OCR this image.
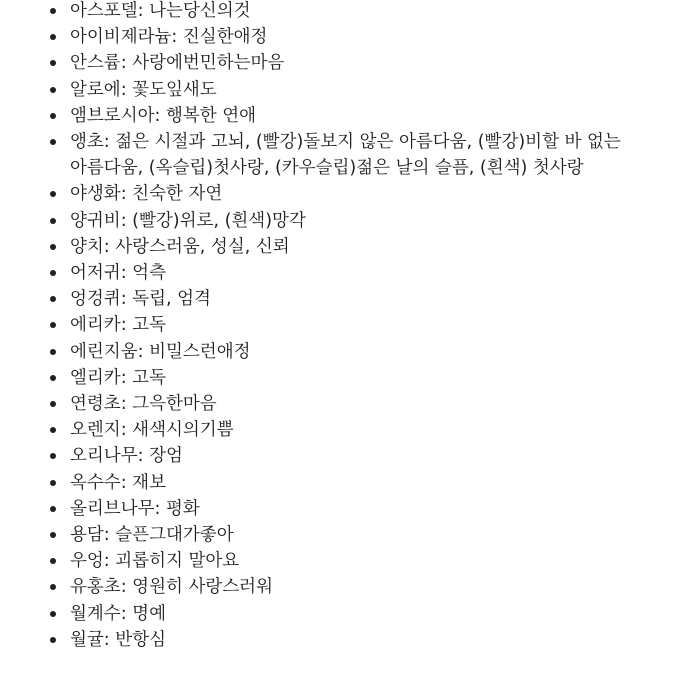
아스포델: 나는당신의것
아이비제라늄: 진실한애정
안스륨: 사랑에번민하는마음
알로에: 꽃도잎새도
앰브로시아: 행복한 연애
앵초: 젊은 시절과 고뇌, (빨강)돌보지 않은 아름다움, (빨강)비할 바 없는 아름다움, (옥슬립)첫사랑, (카우슬립)젊은 날의 슬픔, (흰색) 첫사랑
야생화: 친숙한 자연
양귀비: (빨강)위로, (흰색)망각
양치: 사랑스러움, 성실, 신뢰
어저귀: 억측
엉겅퀴: 독립, 엄격
에리카: 고독
에린지움: 비밀스런애정
엘리카: 고독
연령초: 그윽한마음
오렌지: 새색시의기쁨
오리나무: 장엄
옥수수: 재보
올리브나무: 평화
용담: 슬픈그대가좋아
우엉: 괴롭히지 말아요
유홍초: 영원히 사랑스러워
월계수: 명예
월귤: 반항심
